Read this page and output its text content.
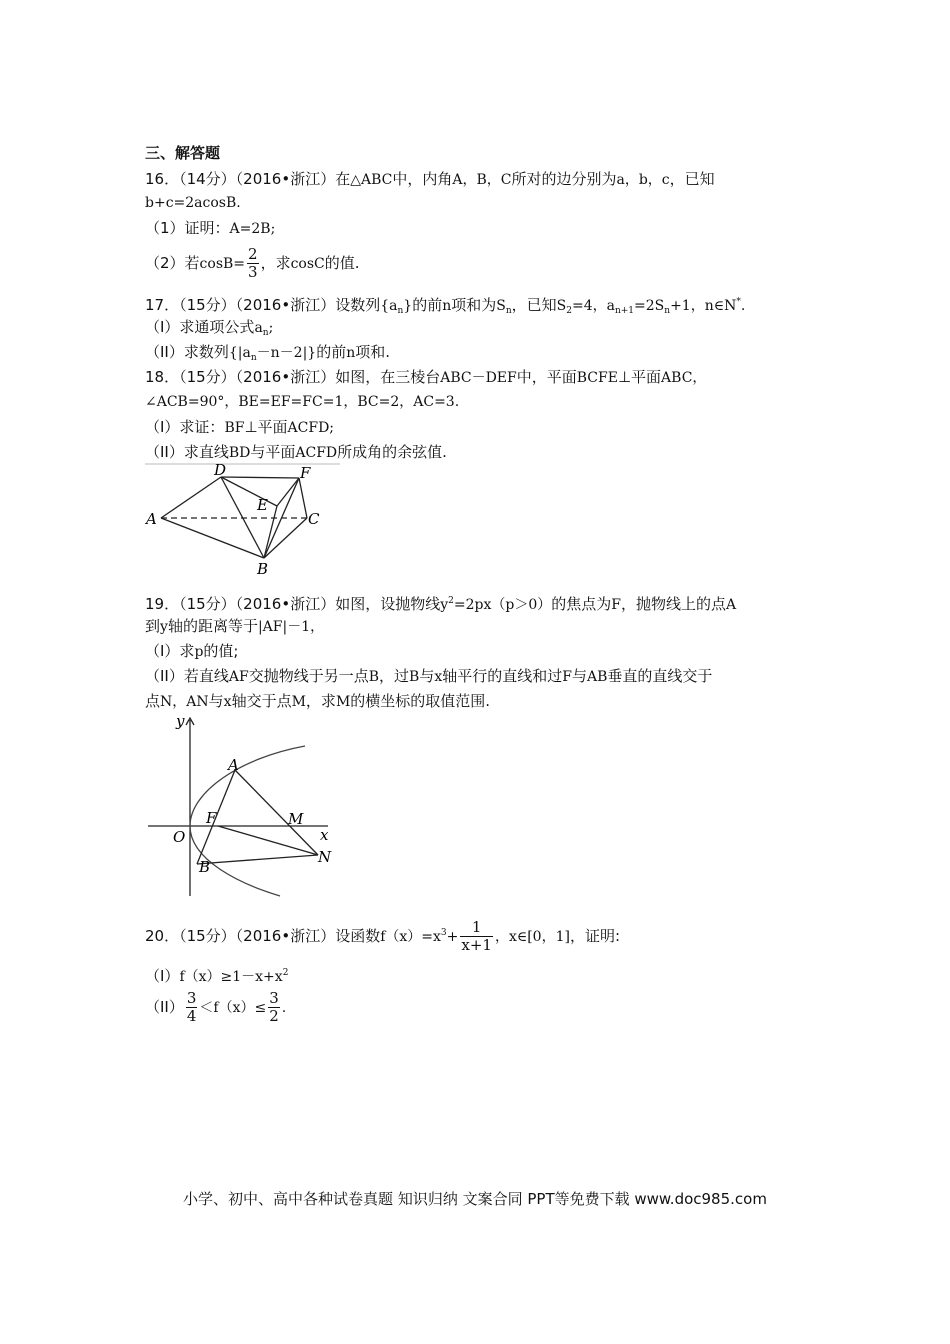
三、解答题
16．（14分）（2016•浙江）在△ABC中，内角A，B，C所对的边分别为a，b，c，已知
b+c=2acosB.
（1）证明：A=2B;
（2）若$\cos B= \frac{2}{3}$ ，求cosC的值.
17．（15分）（2016•浙江）设数列$\{a_n\}$的前n项和为$S_n$，已知$S_2=4$，$a_{n+1}=2S_n+1$，n∈N*.
（I）求通项公式$a_n$;
（II）求数列$\{|a_n-n-2|\}$的前n项和.
18．（15分）（2016•浙江）如图，在三棱台ABC－DEF中，平面BCFE⊥平面ABC，
∠ACB=90°，BE=EF=FC=1，BC=2，AC=3.
（I）求证：BF⊥平面ACFD;
（II）求直线BD与平面ACFD所成角的余弦值.
A
D
E
F
C
B
19．（15分）（2016•浙江）如图，设抛物线$y^2=2px(p>0)$的焦点为F，抛物线上的点A
到y轴的距离等于|AF|－1，
（I）求p的值;
（II）若直线AF交抛物线于另一点B，过B与x轴平行的直线和过F与AB垂直的直线交于
点N，AN与x轴交于点M，求M的横坐标的取值范围.
y
x
O
F
A
B
M
N
20．（15分）（2016•浙江）设函数$f(x)=x^3+ \frac{1}{x+1}$ ，x∈[0，1]，证明:
$(I)f(x)\ge 1-x+x^2$
$(II) \frac{3}{4} <f(x)\le \frac{3}{2}$ .
小学、初中、高中各种试卷真题 知识归纳 文案合同 PPT等免费下载 www.doc985.com
